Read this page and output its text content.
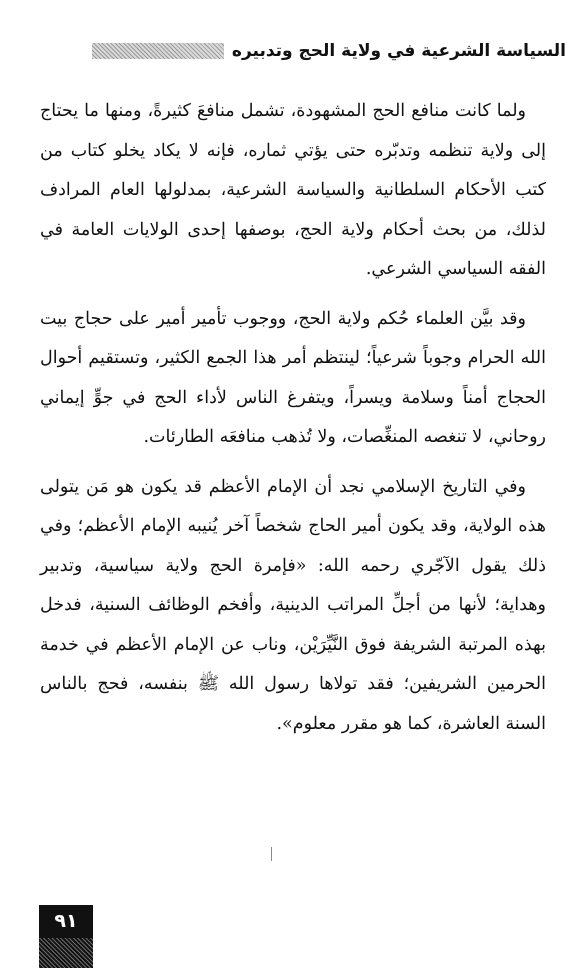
السياسة الشرعية في ولاية الحج وتدبيره

ولما كانت منافع الحج المشهودة، تشمل منافعَ كثيرةً، ومنها ما يحتاج إلى ولاية تنظمه وتدبّره حتى يؤتي ثماره، فإنه لا يكاد يخلو كتاب من كتب الأحكام السلطانية والسياسة الشرعية، بمدلولها العام المرادف لذلك، من بحث أحكام ولاية الحج، بوصفها إحدى الولايات العامة في الفقه السياسي الشرعي.

وقد بيَّن العلماء حُكم ولاية الحج، ووجوب تأمير أمير على حجاج بيت الله الحرام وجوباً شرعياً؛ لينتظم أمر هذا الجمع الكثير، وتستقيم أحوال الحجاج أمناً وسلامة ويسراً، ويتفرغ الناس لأداء الحج في جوٍّ إيماني روحاني، لا تنغصه المنغِّصات، ولا تُذهب منافعَه الطارئات.

وفي التاريخ الإسلامي نجد أن الإمام الأعظم قد يكون هو مَن يتولى هذه الولاية، وقد يكون أمير الحاج شخصاً آخر يُنيبه الإمام الأعظم؛ وفي ذلك يقول الآجّري رحمه الله: «فإمرة الحج ولاية سياسية، وتدبير وهداية؛ لأنها من أجلِّ المراتب الدينية، وأفخم الوظائف السنية، فدخل بهذه المرتبة الشريفة فوق النَّيِّرَيْن، وناب عن الإمام الأعظم في خدمة الحرمين الشريفين؛ فقد تولاها رسول الله ﷺ بنفسه، فحج بالناس السنة العاشرة، كما هو مقرر معلوم».

٩١
